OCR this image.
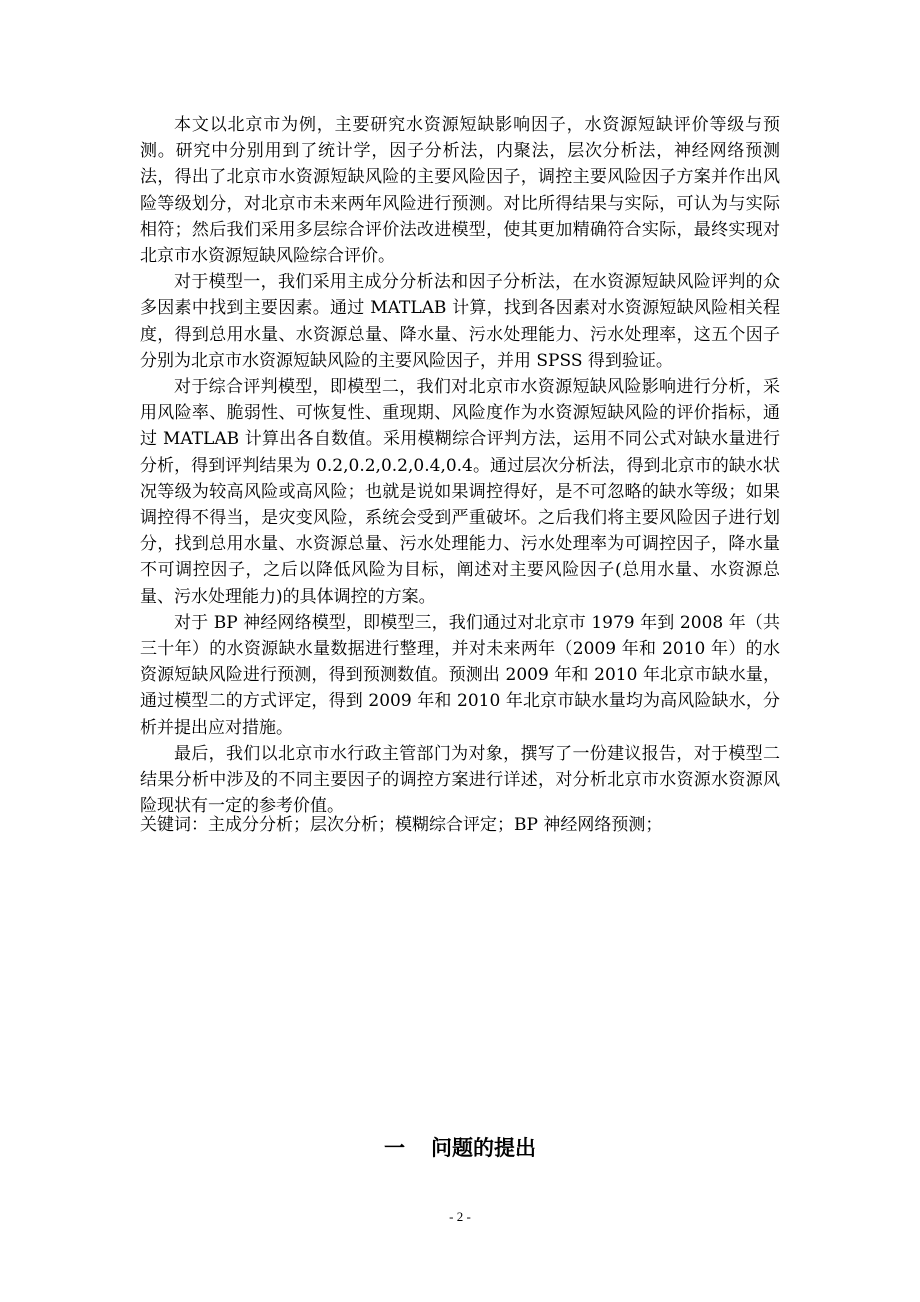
本文以北京市为例，主要研究水资源短缺影响因子，水资源短缺评价等级与预测。研究中分别用到了统计学，因子分析法，内聚法，层次分析法，神经网络预测法，得出了北京市水资源短缺风险的主要风险因子，调控主要风险因子方案并作出风险等级划分，对北京市未来两年风险进行预测。对比所得结果与实际，可认为与实际相符；然后我们采用多层综合评价法改进模型，使其更加精确符合实际，最终实现对北京市水资源短缺风险综合评价。

对于模型一，我们采用主成分分析法和因子分析法，在水资源短缺风险评判的众多因素中找到主要因素。通过 MATLAB 计算，找到各因素对水资源短缺风险相关程度，得到总用水量、水资源总量、降水量、污水处理能力、污水处理率，这五个因子分别为北京市水资源短缺风险的主要风险因子，并用 SPSS 得到验证。

对于综合评判模型，即模型二，我们对北京市水资源短缺风险影响进行分析，采用风险率、脆弱性、可恢复性、重现期、风险度作为水资源短缺风险的评价指标，通过 MATLAB 计算出各自数值。采用模糊综合评判方法，运用不同公式对缺水量进行分析，得到评判结果为 0.2,0.2,0.2,0.4,0.4。通过层次分析法，得到北京市的缺水状况等级为较高风险或高风险；也就是说如果调控得好，是不可忽略的缺水等级；如果调控得不得当，是灾变风险，系统会受到严重破坏。之后我们将主要风险因子进行划分，找到总用水量、水资源总量、污水处理能力、污水处理率为可调控因子，降水量不可调控因子，之后以降低风险为目标，阐述对主要风险因子(总用水量、水资源总量、污水处理能力)的具体调控的方案。

对于 BP 神经网络模型，即模型三，我们通过对北京市 1979 年到 2008 年（共三十年）的水资源缺水量数据进行整理，并对未来两年（2009 年和 2010 年）的水资源短缺风险进行预测，得到预测数值。预测出 2009 年和 2010 年北京市缺水量，通过模型二的方式评定，得到 2009 年和 2010 年北京市缺水量均为高风险缺水，分析并提出应对措施。

最后，我们以北京市水行政主管部门为对象，撰写了一份建议报告，对于模型二结果分析中涉及的不同主要因子的调控方案进行详述，对分析北京市水资源水资源风险现状有一定的参考价值。

关键词：主成分分析；层次分析；模糊综合评定；BP 神经网络预测；
一 问题的提出
- 2 -
